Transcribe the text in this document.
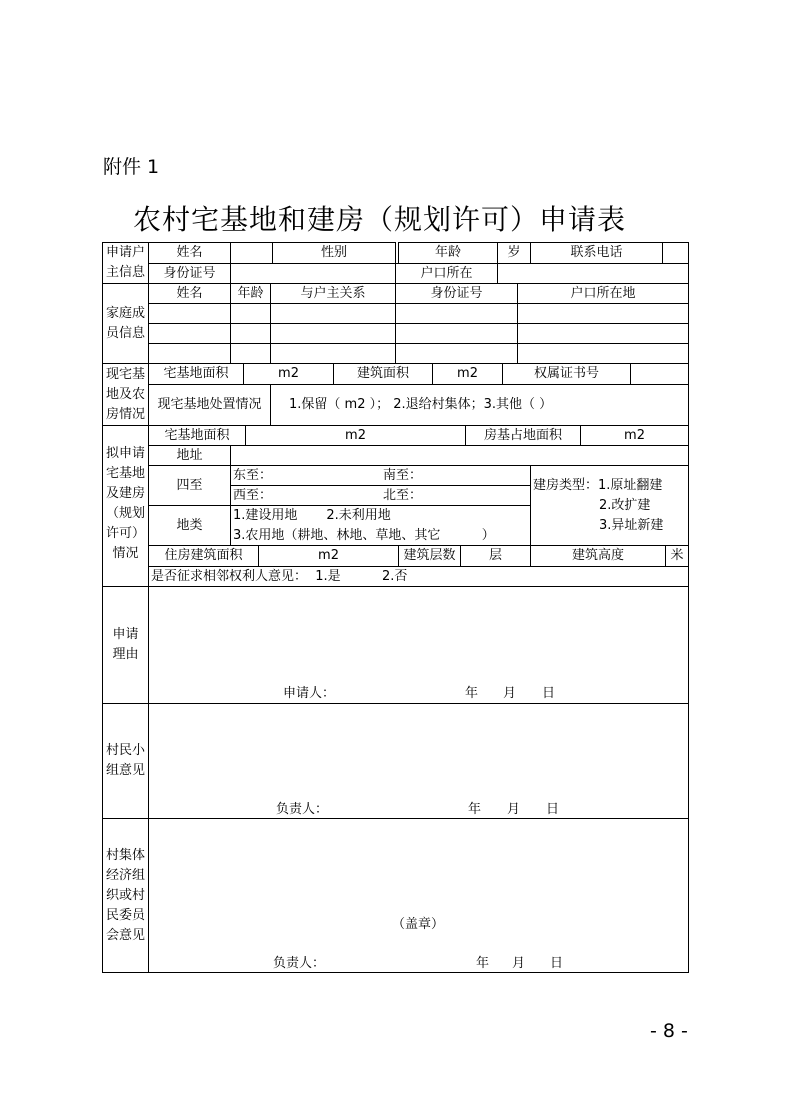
附件 1
农村宅基地和建房（规划许可）申请表
申请户
主信息
姓名	性别	年龄	岁	联系电话
身份证号	户口所在
家庭成
员信息
姓名	年龄	与户主关系	身份证号	户口所在地
现宅基
地及农
房情况
宅基地面积	m2	建筑面积	m2	权属证书号
现宅基地处置情况	1.保留（ m2 ）； 2.退给村集体；3.其他（ ）
拟申请
宅基地
及建房
（规划
许可）
情况
宅基地面积	m2	房基占地面积	m2
地址
四至
东至：	南至：
西至：	北至：
建房类型：1.原址翻建
2.改扩建
3.异址新建
地类
1.建设用地       2.未利用地
3.农用地（耕地、林地、草地、其它          ）
住房建筑面积	m2	建筑层数	层	建筑高度	米
是否征求相邻权利人意见：  1.是          2.否
申请
理由
申请人：	年 月 日
村民小
组意见
负责人：	年 月 日
村集体
经济组
织或村
民委员
会意见
（盖章）
负责人：	年 月 日
- 8 -
